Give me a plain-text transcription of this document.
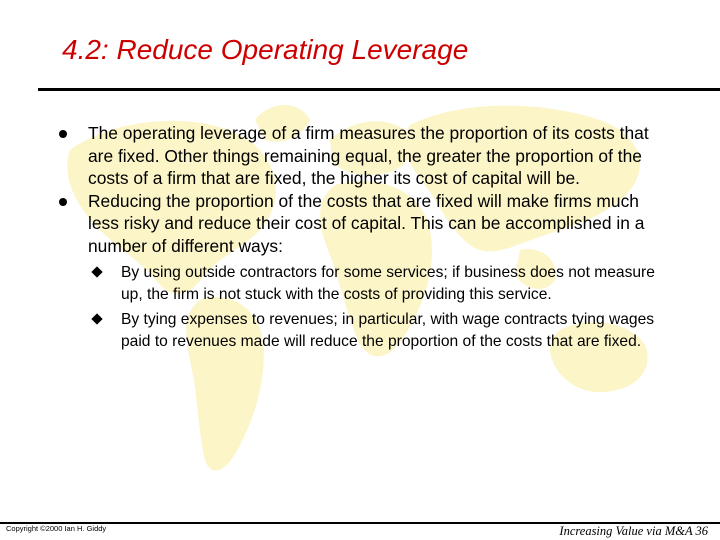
4.2: Reduce Operating Leverage
The operating leverage of a firm measures the proportion of its costs that are fixed. Other things remaining equal, the greater the proportion of the costs of a firm that are fixed, the higher its cost of capital will be.
Reducing the proportion of the costs that are fixed will make firms much less risky and reduce their cost of capital. This can be accomplished in a number of different ways:
By using outside contractors for some services; if business does not measure up, the firm is not stuck with the costs of providing this service.
By tying expenses to revenues; in particular, with wage contracts tying wages paid to revenues made will reduce the proportion of the costs that are fixed.
Copyright ©2000 Ian H. Giddy	Increasing Value via M&A 36
